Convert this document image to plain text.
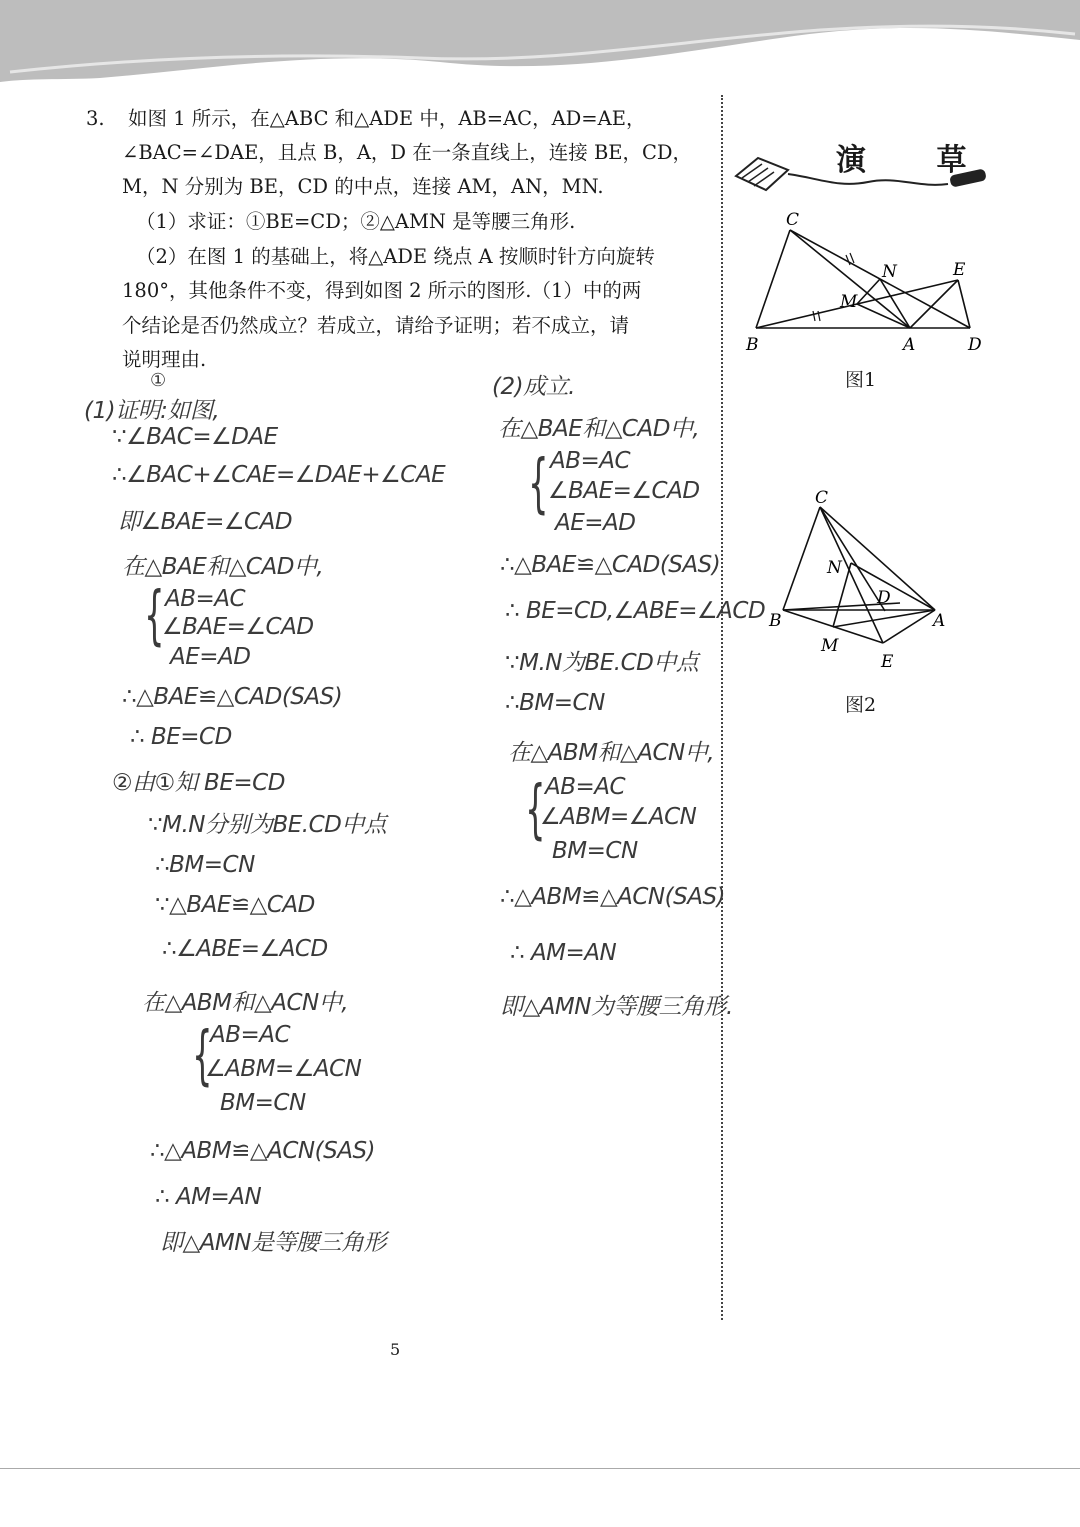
3. 如图 1 所示，在△ABC 和△ADE 中，AB=AC，AD=AE，
∠BAC=∠DAE，且点 B，A，D 在一条直线上，连接 BE，CD，
M，N 分别为 BE，CD 的中点，连接 AM，AN，MN.
（1）求证：①BE=CD；②△AMN 是等腰三角形.
（2）在图 1 的基础上，将△ADE 绕点 A 按顺时针方向旋转
180°，其他条件不变，得到如图 2 所示的图形.（1）中的两
个结论是否仍然成立？若成立，请给予证明；若不成立，请
说明理由.
演 草
C
N	E
M
B	A	D
图1
C
N
D
B	A
M
E
图2
①
(1)证明:如图,
∵∠BAC=∠DAE
∴∠BAC+∠CAE=∠DAE+∠CAE
即∠BAE=∠CAD
在△BAE和△CAD中,
{ AB=AC
∠BAE=∠CAD
AE=AD
∴△BAE≌△CAD(SAS)
∴ BE=CD
②由①知 BE=CD
∵M.N分别为BE.CD中点
∴BM=CN
∵△BAE≌△CAD
∴∠ABE=∠ACD
在△ABM和△ACN中,
{
AB=AC
∠ABM=∠ACN
BM=CN
∴△ABM≌△ACN(SAS)
∴ AM=AN
即△AMN是等腰三角形
(2)成立.
在△BAE和△CAD中,
{ AB=AC
∠BAE=∠CAD
AE=AD
∴△BAE≌△CAD(SAS)
∴ BE=CD,∠ABE=∠ACD
∵M.N为BE.CD中点
∴BM=CN
在△ABM和△ACN中,
{ AB=AC
∠ABM=∠ACN
BM=CN
∴△ABM≌△ACN(SAS)
∴ AM=AN
即△AMN为等腰三角形.
5
